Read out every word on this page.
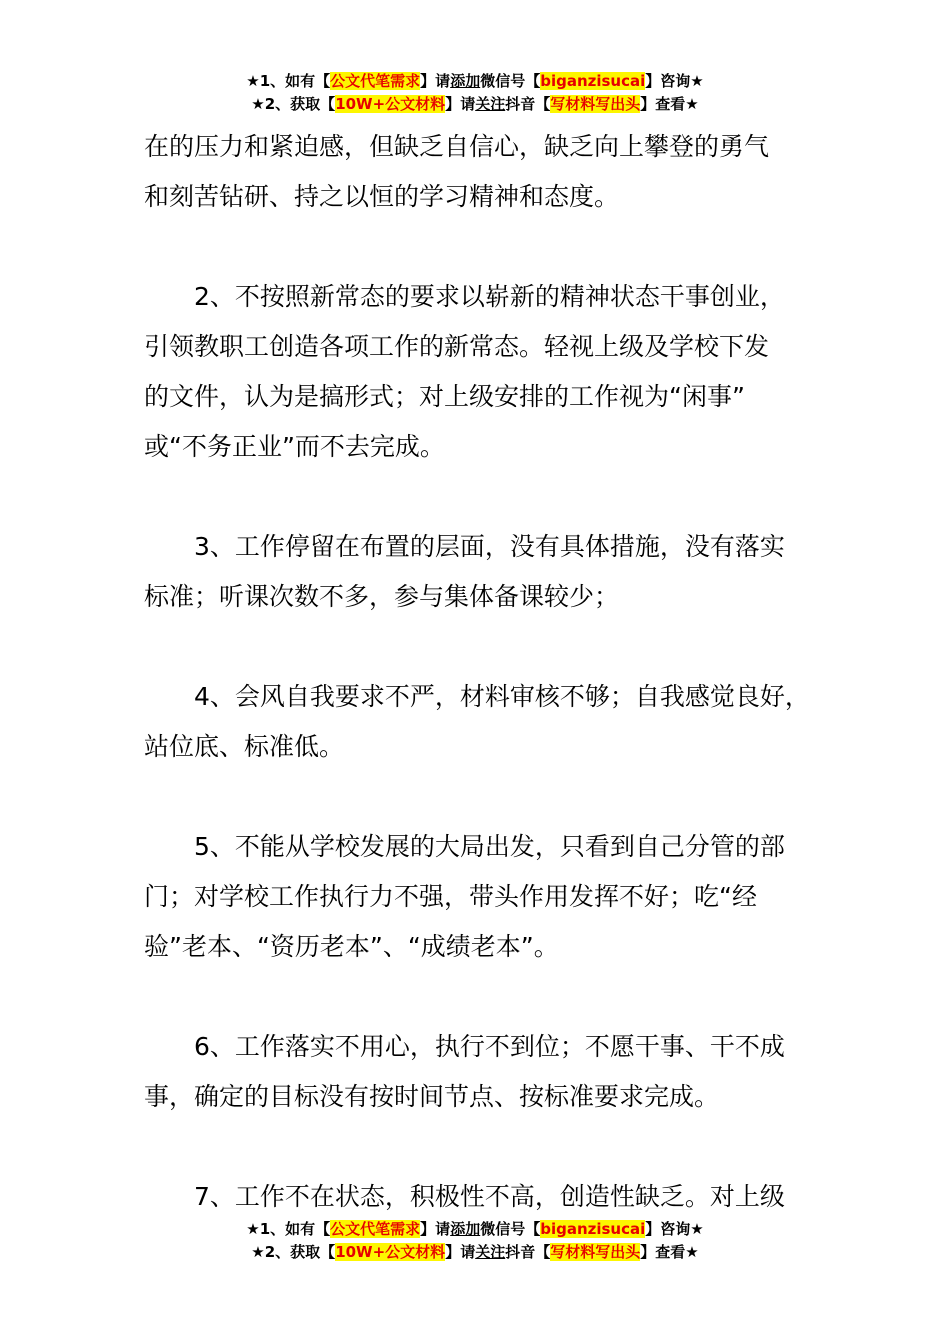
★1、如有【公文代笔需求】请添加微信号【biganzisucai】咨询★
★2、获取【10W+公文材料】请关注抖音【写材料写出头】查看★

在的压力和紧迫感，但缺乏自信心，缺乏向上攀登的勇气
和刻苦钻研、持之以恒的学习精神和态度。

2、不按照新常态的要求以崭新的精神状态干事创业，
引领教职工创造各项工作的新常态。轻视上级及学校下发
的文件，认为是搞形式；对上级安排的工作视为“闲事”
或“不务正业”而不去完成。

3、工作停留在布置的层面，没有具体措施，没有落实
标准；听课次数不多，参与集体备课较少；

4、会风自我要求不严，材料审核不够；自我感觉良好，
站位底、标准低。

5、不能从学校发展的大局出发，只看到自己分管的部
门；对学校工作执行力不强，带头作用发挥不好；吃“经
验”老本、“资历老本”、“成绩老本”。

6、工作落实不用心，执行不到位；不愿干事、干不成
事，确定的目标没有按时间节点、按标准要求完成。

7、工作不在状态，积极性不高，创造性缺乏。对上级

★1、如有【公文代笔需求】请添加微信号【biganzisucai】咨询★
★2、获取【10W+公文材料】请关注抖音【写材料写出头】查看★
